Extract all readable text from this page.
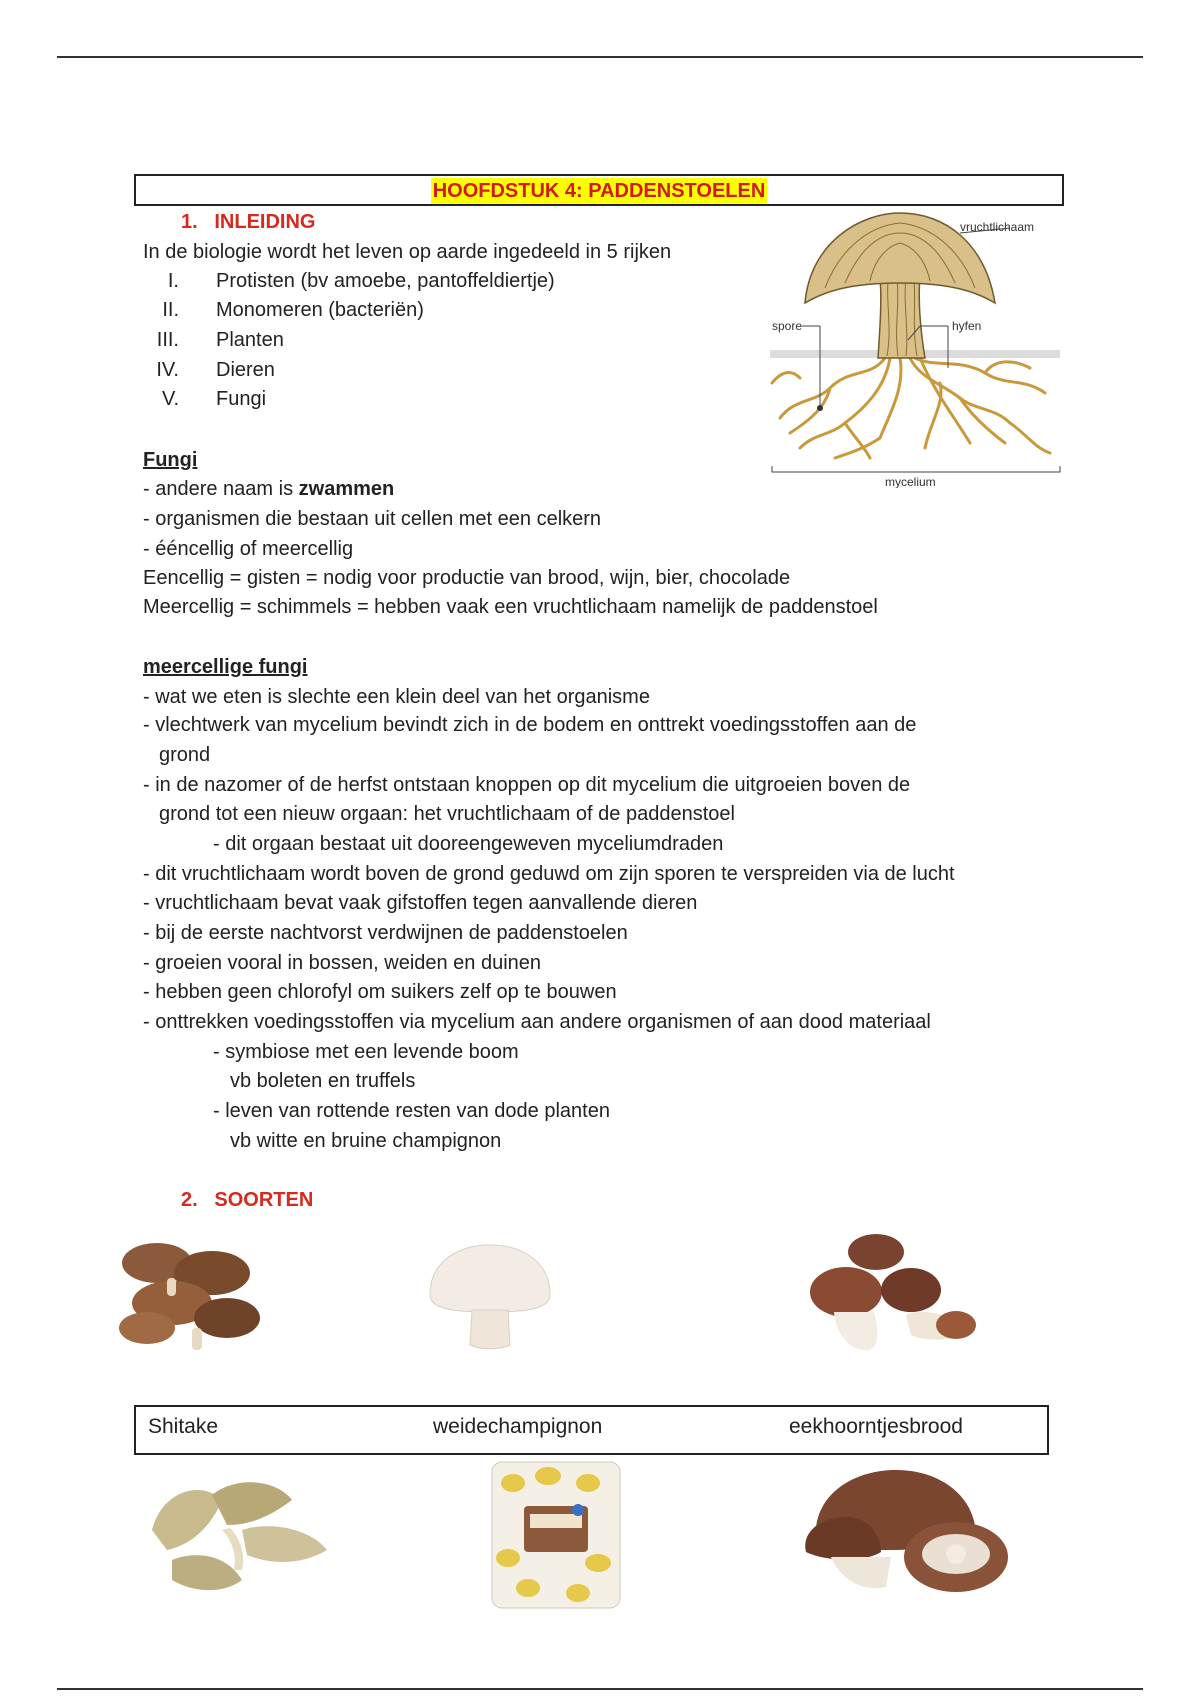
HOOFDSTUK 4: PADDENSTOELEN
1. INLEIDING
In de biologie wordt het leven op aarde ingedeeld in 5 rijken
I. Protisten (bv amoebe, pantoffeldiertje)
II. Monomeren (bacteriën)
III. Planten
IV. Dieren
V. Fungi
Fungi
- andere naam is zwammen
- organismen die bestaan uit cellen met een celkern
- ééncellig of meercellig
Eencellig = gisten = nodig voor productie van brood, wijn, bier, chocolade
Meercellig = schimmels = hebben vaak een vruchtlichaam namelijk de paddenstoel
meercellige fungi
- wat we eten is slechte een klein deel van het organisme
- vlechtwerk van mycelium bevindt zich in de bodem en onttrekt voedingsstoffen aan de
grond
- in de nazomer of de herfst ontstaan knoppen op dit mycelium die uitgroeien boven de
grond tot een nieuw orgaan: het vruchtlichaam of de paddenstoel
- dit orgaan bestaat uit dooreengeweven myceliumdraden
- dit vruchtlichaam wordt boven de grond geduwd om zijn sporen te verspreiden via de lucht
- vruchtlichaam bevat vaak gifstoffen tegen aanvallende dieren
- bij de eerste nachtvorst verdwijnen de paddenstoelen
- groeien vooral in bossen, weiden en duinen
- hebben geen chlorofyl om suikers zelf op te bouwen
- onttrekken voedingsstoffen via mycelium aan andere organismen of aan dood materiaal
- symbiose met een levende boom
vb boleten en truffels
- leven van rottende resten van dode planten
vb witte en bruine champignon
2. SOORTEN
vruchtlichaam
spore	hyfen
mycelium
Shitake	weidechampignon	eekhoorntjesbrood
